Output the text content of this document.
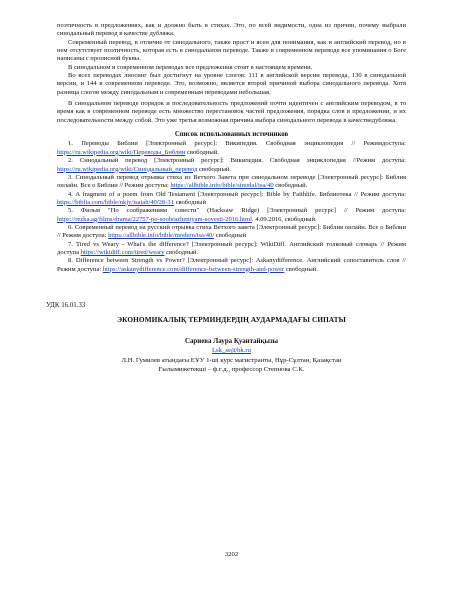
поэтичность в предложениях, как и должно быть в стихах. Это, по всей видимости, одна из причин, почему выбрали синодальный перевод в качестве дубляжа.

Современный перевод, в отличие от синодального, также прост и ясен для понимания, как и английский перевод, но в нем отсутствует поэтичность, которая есть в синодальном переводе. Также в современном переводе все упоминания о Боге написаны с прописной буквы.

В синодальном и современном переводах все предложения стоят в настоящем времени.

Во всех переводах лиосинг был достигнут на уровне слогов: 111 в английской версии перевода, 130 в синодальной версии, и 144 в современном переводе. Это, возможно, является второй причиной выбора синодального перевода. Хотя разница слогов между синодальным и современным переводами небольшая.

В синодальном переводе порядок и последовательность предложений почти идентичен с английским переводом, в то время как в современном переводе есть множество перестановок частей предложения, порядка слов в предложении, и их последовательности между собой. Это уже третья возможная причина выбора синодального перевода в качестведубляжа.

Список использованных источников

1. Переводы Библии [Электронный ресурс]: Википедия. Свободная энциклопедия // Режимдоступа: https://ru.wikipedia.org/wiki/Переводы_Библии свободный.

2. Синодальный перевод [Электронный ресурс]: Википедия. Свободная энциклопедия //Режим доступа: https://ru.wikipedia.org/wiki/Синодальный_перевод свободный.

3. Синодальный перевод отрывка стиха из Ветхого Завета при синодальном переводе [Электронный ресурс]: Библия онлайн. Все о Библии // Режим доступа: https://allbible.info/bible/sinodal/isa/40 свободный.

4. A fragment of a poem from Old Testament [Электронный ресурс]: Bible by Faithlife. Библиотека // Режим доступа: https://biblia.com/bible/nkjv/isaiah/40/28-31 свободный

5. Фильм "По соображениям совести" (Hacksaw Ridge) [Электронный ресурс] // Режим доступа: https://rezka.ag/films/drama/22757-po-soobrazheniyam-sovesti-2016.html. 4.09.2016, свободный.

6. Современный перевод на русский отрывка стиха Ветхого завета [Электронный ресурс]: Библия онлайн. Все о Библии // Режим доступа: https://allbible.info/bible/modern/isa/40/ свободный

7. Tired vs Weary - What's the difference? [Электронный ресурс]: WikiDiff. Английский толковый словарь // Режим доступа https://wikidiff.com/tired/weary свободный.

8. Difference between Strength vs Power? [Электронный ресурс]: Askanydifference. Английский сопоставитель слов // Режим доступа: https://askanydifference.com/difference-between-strength-and-power свободный.

УДК 16.01.33
ЭКОНОМИКАЛЫҚ ТЕРМИНДЕРДІҢ АУДАРМАДАҒЫ СИПАТЫ
Сариева Лаура Қуантайқызы
Lsk_se@bk.ru
Л.Н. Гумилев атындағы ЕҰУ 1-ші курс магистранты, Нұр-Сұлтан, Қазақстан
Ғылымижетекші – ф.ғ.д., профессор Степнова С.К.
3202
